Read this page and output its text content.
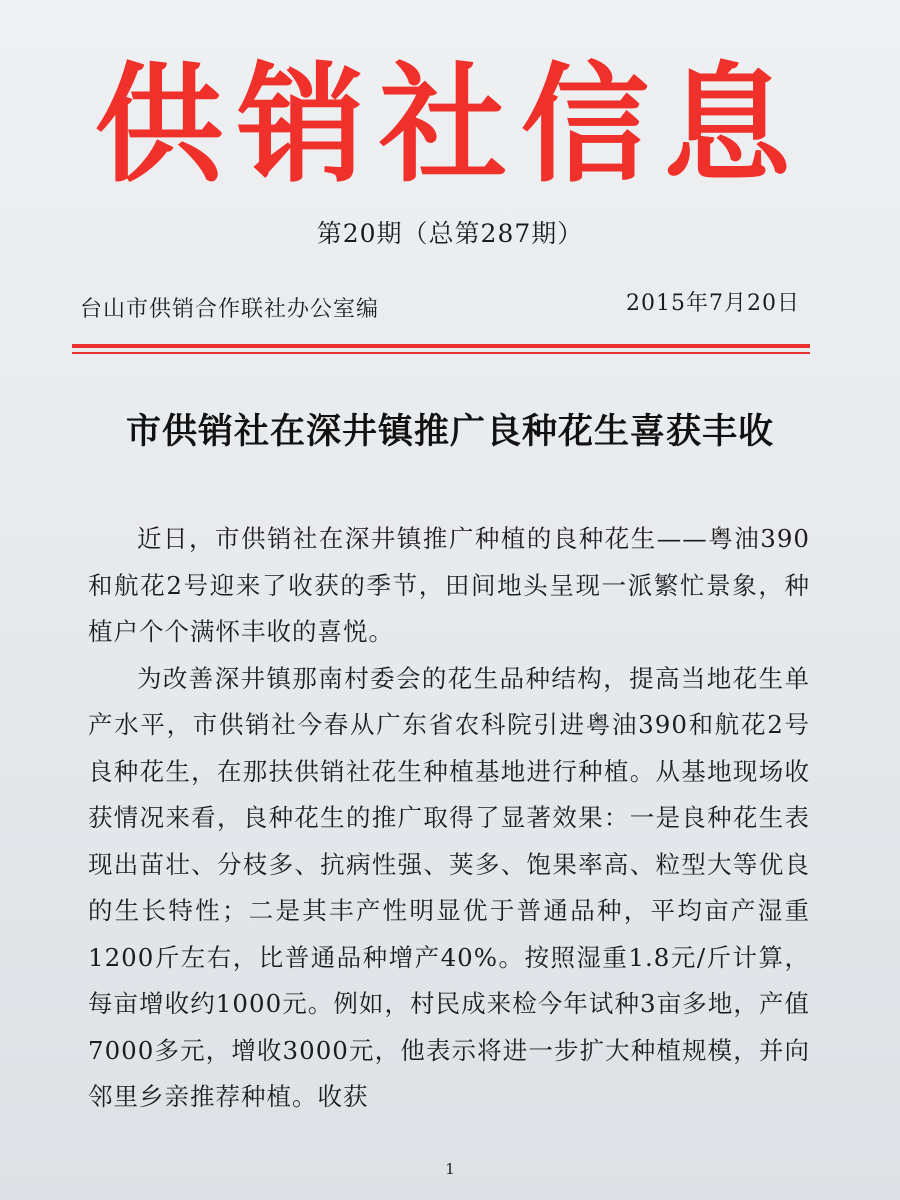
供销社信息
第20期（总第287期）
台山市供销合作联社办公室编	2015年7月20日
市供销社在深井镇推广良种花生喜获丰收

近日，市供销社在深井镇推广种植的良种花生——粤油390和航花2号迎来了收获的季节，田间地头呈现一派繁忙景象，种植户个个满怀丰收的喜悦。

为改善深井镇那南村委会的花生品种结构，提高当地花生单产水平，市供销社今春从广东省农科院引进粤油390和航花2号良种花生，在那扶供销社花生种植基地进行种植。从基地现场收获情况来看，良种花生的推广取得了显著效果：一是良种花生表现出苗壮、分枝多、抗病性强、荚多、饱果率高、粒型大等优良的生长特性；二是其丰产性明显优于普通品种，平均亩产湿重1200斤左右，比普通品种增产40%。按照湿重1.8元/斤计算，每亩增收约1000元。例如，村民成来检今年试种3亩多地，产值7000多元，增收3000元，他表示将进一步扩大种植规模，并向邻里乡亲推荐种植。收获

1
